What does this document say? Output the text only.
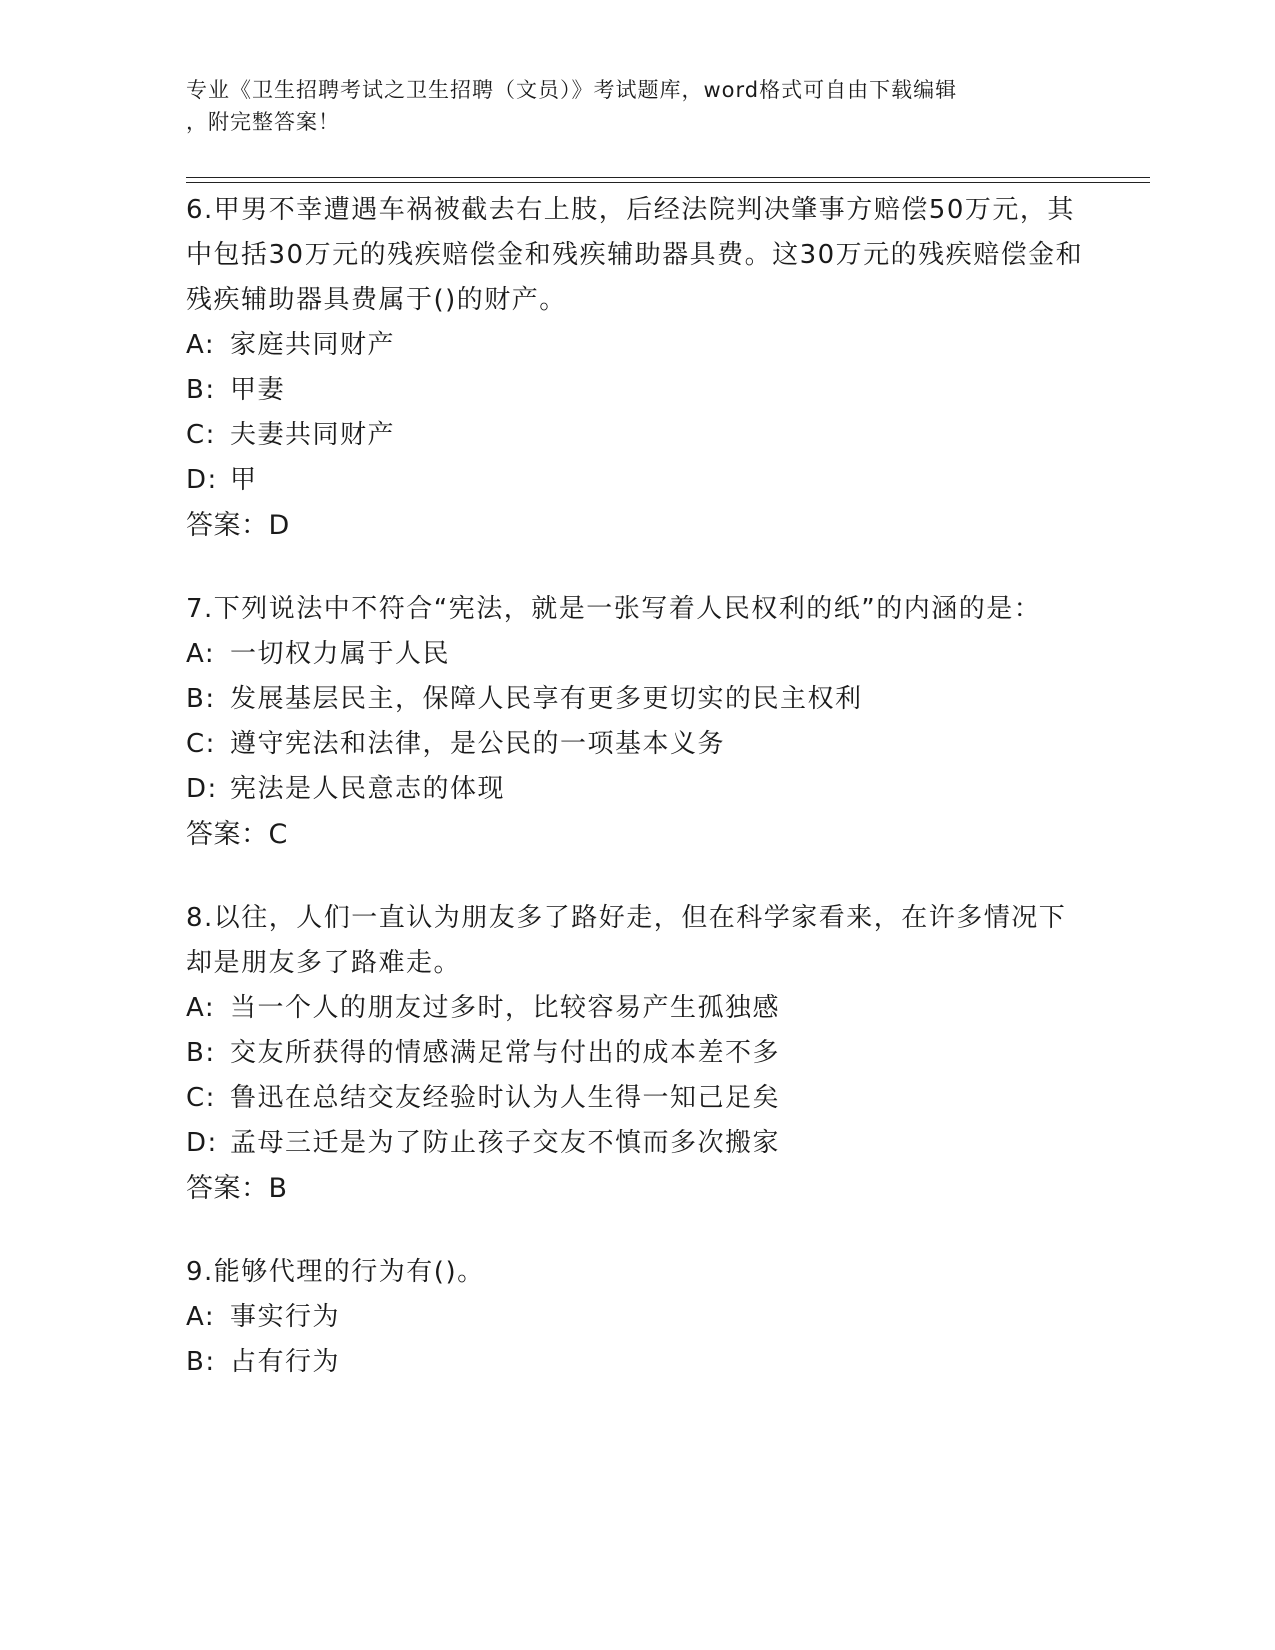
专业《卫生招聘考试之卫生招聘（文员）》考试题库，word格式可自由下载编辑
，附完整答案！
6.甲男不幸遭遇车祸被截去右上肢，后经法院判决肇事方赔偿50万元，其中包括30万元的残疾赔偿金和残疾辅助器具费。这30万元的残疾赔偿金和残疾辅助器具费属于()的财产。
A: 家庭共同财产
B: 甲妻
C: 夫妻共同财产
D: 甲
答案：D
7.下列说法中不符合“宪法，就是一张写着人民权利的纸”的内涵的是：
A: 一切权力属于人民
B: 发展基层民主，保障人民享有更多更切实的民主权利
C: 遵守宪法和法律，是公民的一项基本义务
D: 宪法是人民意志的体现
答案：C
8.以往，人们一直认为朋友多了路好走，但在科学家看来，在许多情况下却是朋友多了路难走。
A: 当一个人的朋友过多时，比较容易产生孤独感
B: 交友所获得的情感满足常与付出的成本差不多
C: 鲁迅在总结交友经验时认为人生得一知己足矣
D: 孟母三迁是为了防止孩子交友不慎而多次搬家
答案：B
9.能够代理的行为有()。
A: 事实行为
B: 占有行为
